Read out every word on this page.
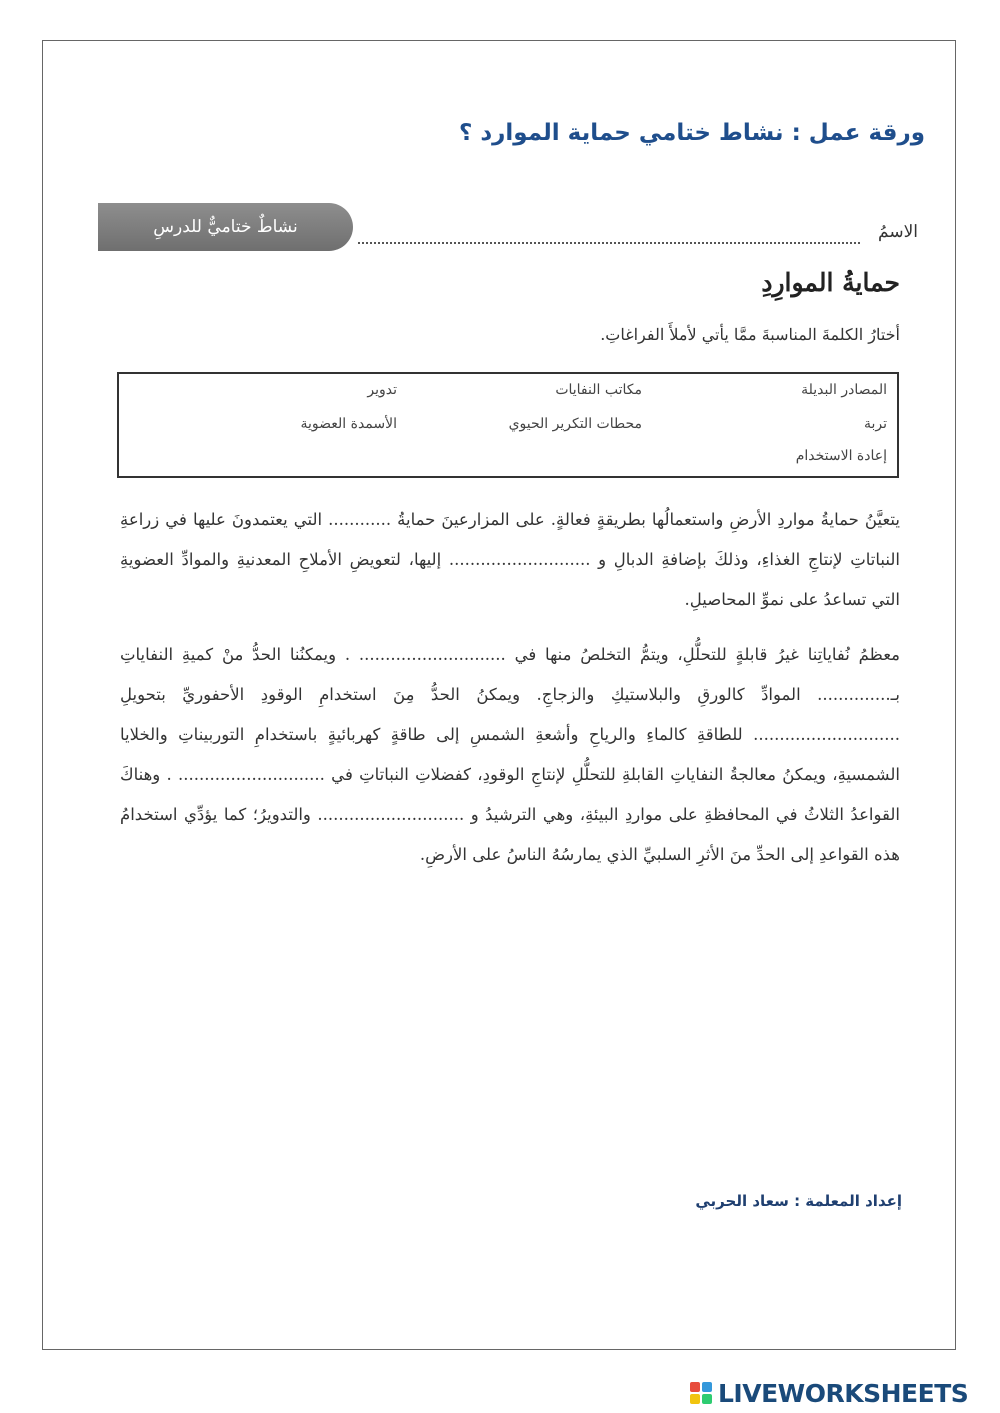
ورقة عمل : نشاط ختامي حماية الموارد ؟
الاسمُ
نشاطٌ ختاميٌّ للدرسِ
حمايةُ الموارِدِ

أختارُ الكلمةَ المناسبةَ ممَّا يأتي لأملأَ الفراغاتِ.

المصادر البديلة
مكاتب النفايات
تدوير
تربة
محطات التكرير الحيوي
الأسمدة العضوية
إعادة الاستخدام

يتعيَّنُ حمايةُ مواردِ الأرضِ واستعمالُها بطريقةٍ فعالةٍ. على المزارعينَ حمايةُ ............ التي يعتمدونَ عليها في زراعةِ النباتاتِ لإنتاجِ الغذاءِ، وذلكَ بإضافةِ الدبالِ و ........................... إليها، لتعويضِ الأملاحِ المعدنيةِ والموادِّ العضويةِ التي تساعدُ على نموِّ المحاصيلِ.

معظمُ نُفاياتِنا غيرُ قابلةٍ للتحلُّلِ، ويتمُّ التخلصُ منها في ............................ . ويمكنُنا الحدُّ منْ كميةِ النفاياتِ بـ.............. الموادِّ كالورقِ والبلاستيكِ والزجاجِ. ويمكنُ الحدُّ مِنَ استخدامِ الوقودِ الأحفوريِّ بتحويلِ ............................ للطاقةِ كالماءِ والرياحِ وأشعةِ الشمسِ إلى طاقةٍ كهربائيةٍ باستخدامِ التوربيناتِ والخلايا الشمسيةِ، ويمكنُ معالجةُ النفاياتِ القابلةِ للتحلُّلِ لإنتاجِ الوقودِ، كفضلاتِ النباتاتِ في ............................ . وهناكَ القواعدُ الثلاثُ في المحافظةِ على مواردِ البيئةِ، وهي الترشيدُ و ............................ والتدويرُ؛ كما يؤدِّي استخدامُ هذه القواعدِ إلى الحدِّ منَ الأثرِ السلبيِّ الذي يمارسُهُ الناسُ على الأرضِ.

إعداد المعلمة : سعاد الحربي

LIVEWORKSHEETS
